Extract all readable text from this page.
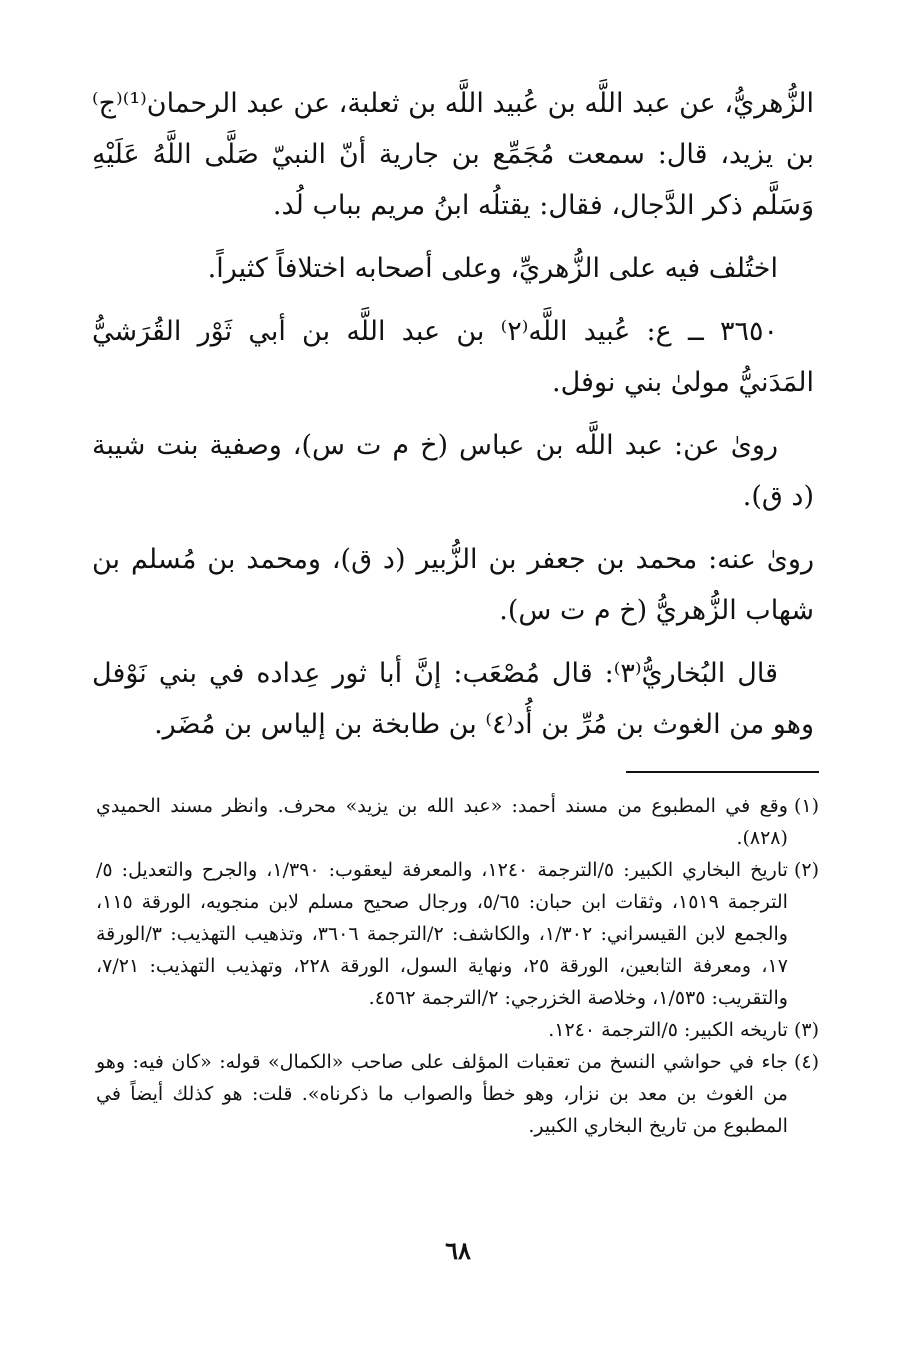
الزُّهريُّ، عن عبد اللَّه بن عُبيد اللَّه بن ثعلبة، عن عبد الرحمان⁽¹⁾⁽ج⁾ بن يزيد، قال: سمعت مُجَمِّع بن جارية أنّ النبيّ صَلَّى اللَّهُ عَلَيْهِ وَسَلَّم ذكر الدَّجال، فقال: يقتلُه ابنُ مريم بباب لُد.

اختُلف فيه على الزُّهريِّ، وعلى أصحابه اختلافاً كثيراً.

٣٦٥٠ ــ ع: عُبيد اللَّه⁽٢⁾ بن عبد اللَّه بن أبي ثَوْر القُرَشيُّ المَدَنيُّ مولىٰ بني نوفل.

روىٰ عن: عبد اللَّه بن عباس (خ م ت س)، وصفية بنت شيبة (د ق).

روىٰ عنه: محمد بن جعفر بن الزُّبير (د ق)، ومحمد بن مُسلم بن شهاب الزُّهريُّ (خ م ت س).

قال البُخاريُّ⁽٣⁾: قال مُصْعَب: إنَّ أبا ثور عِداده في بني نَوْفل وهو من الغوث بن مُرِّ بن أُد⁽٤⁾ بن طابخة بن إلياس بن مُضَر.

(١)
وقع في المطبوع من مسند أحمد: «عبد الله بن يزيد» محرف. وانظر مسند الحميدي (٨٢٨).
(٢)
تاريخ البخاري الكبير: ٥/الترجمة ١٢٤٠، والمعرفة ليعقوب: ١/٣٩٠، والجرح والتعديل: ٥/الترجمة ١٥١٩، وثقات ابن حبان: ٥/٦٥، ورجال صحيح مسلم لابن منجويه، الورقة ١١٥، والجمع لابن القيسراني: ١/٣٠٢، والكاشف: ٢/الترجمة ٣٦٠٦، وتذهيب التهذيب: ٣/الورقة ١٧، ومعرفة التابعين، الورقة ٢٥، ونهاية السول، الورقة ٢٢٨، وتهذيب التهذيب: ٧/٢١، والتقريب: ١/٥٣٥، وخلاصة الخزرجي: ٢/الترجمة ٤٥٦٢.
(٣)
تاريخه الكبير: ٥/الترجمة ١٢٤٠.
(٤)
جاء في حواشي النسخ من تعقبات المؤلف على صاحب «الكمال» قوله: «كان فيه: وهو من الغوث بن معد بن نزار، وهو خطأ والصواب ما ذكرناه». قلت: هو كذلك أيضاً في المطبوع من تاريخ البخاري الكبير.
٦٨
